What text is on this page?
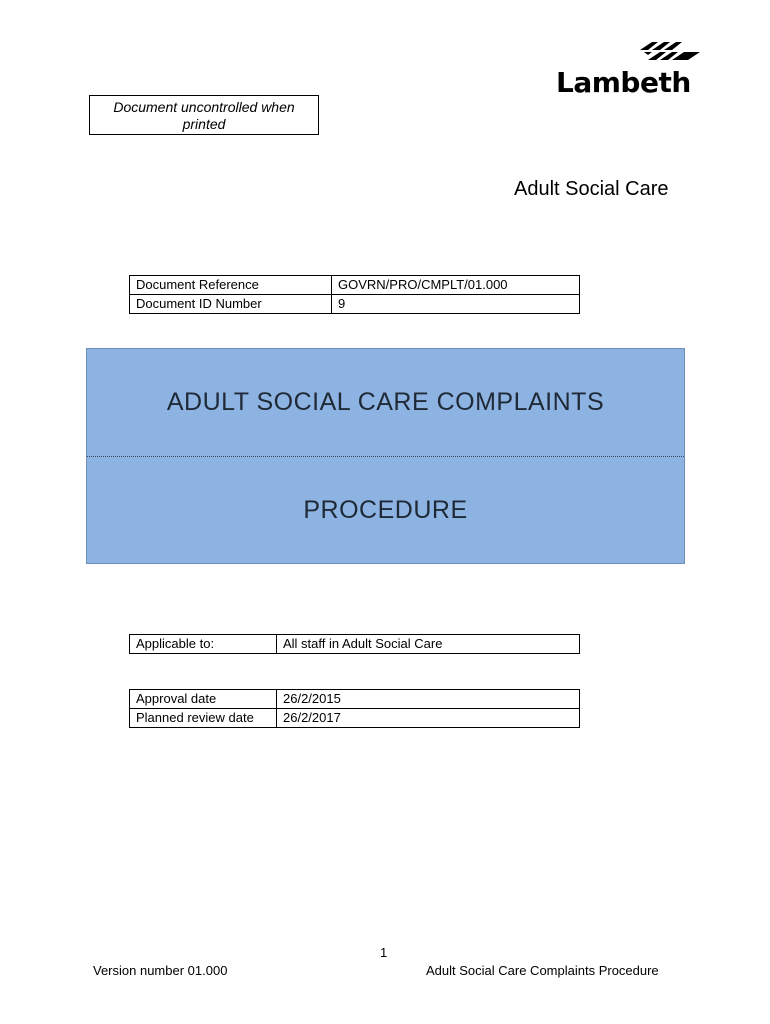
Document uncontrolled when
printed
Lambeth
Adult Social Care
Document Reference	GOVRN/PRO/CMPLT/01.000
Document ID Number	9
ADULT SOCIAL CARE COMPLAINTS
PROCEDURE
Applicable to:	All staff in Adult Social Care
Approval date	26/2/2015
Planned review date	26/2/2017
1
Version number 01.000	Adult Social Care Complaints Procedure
